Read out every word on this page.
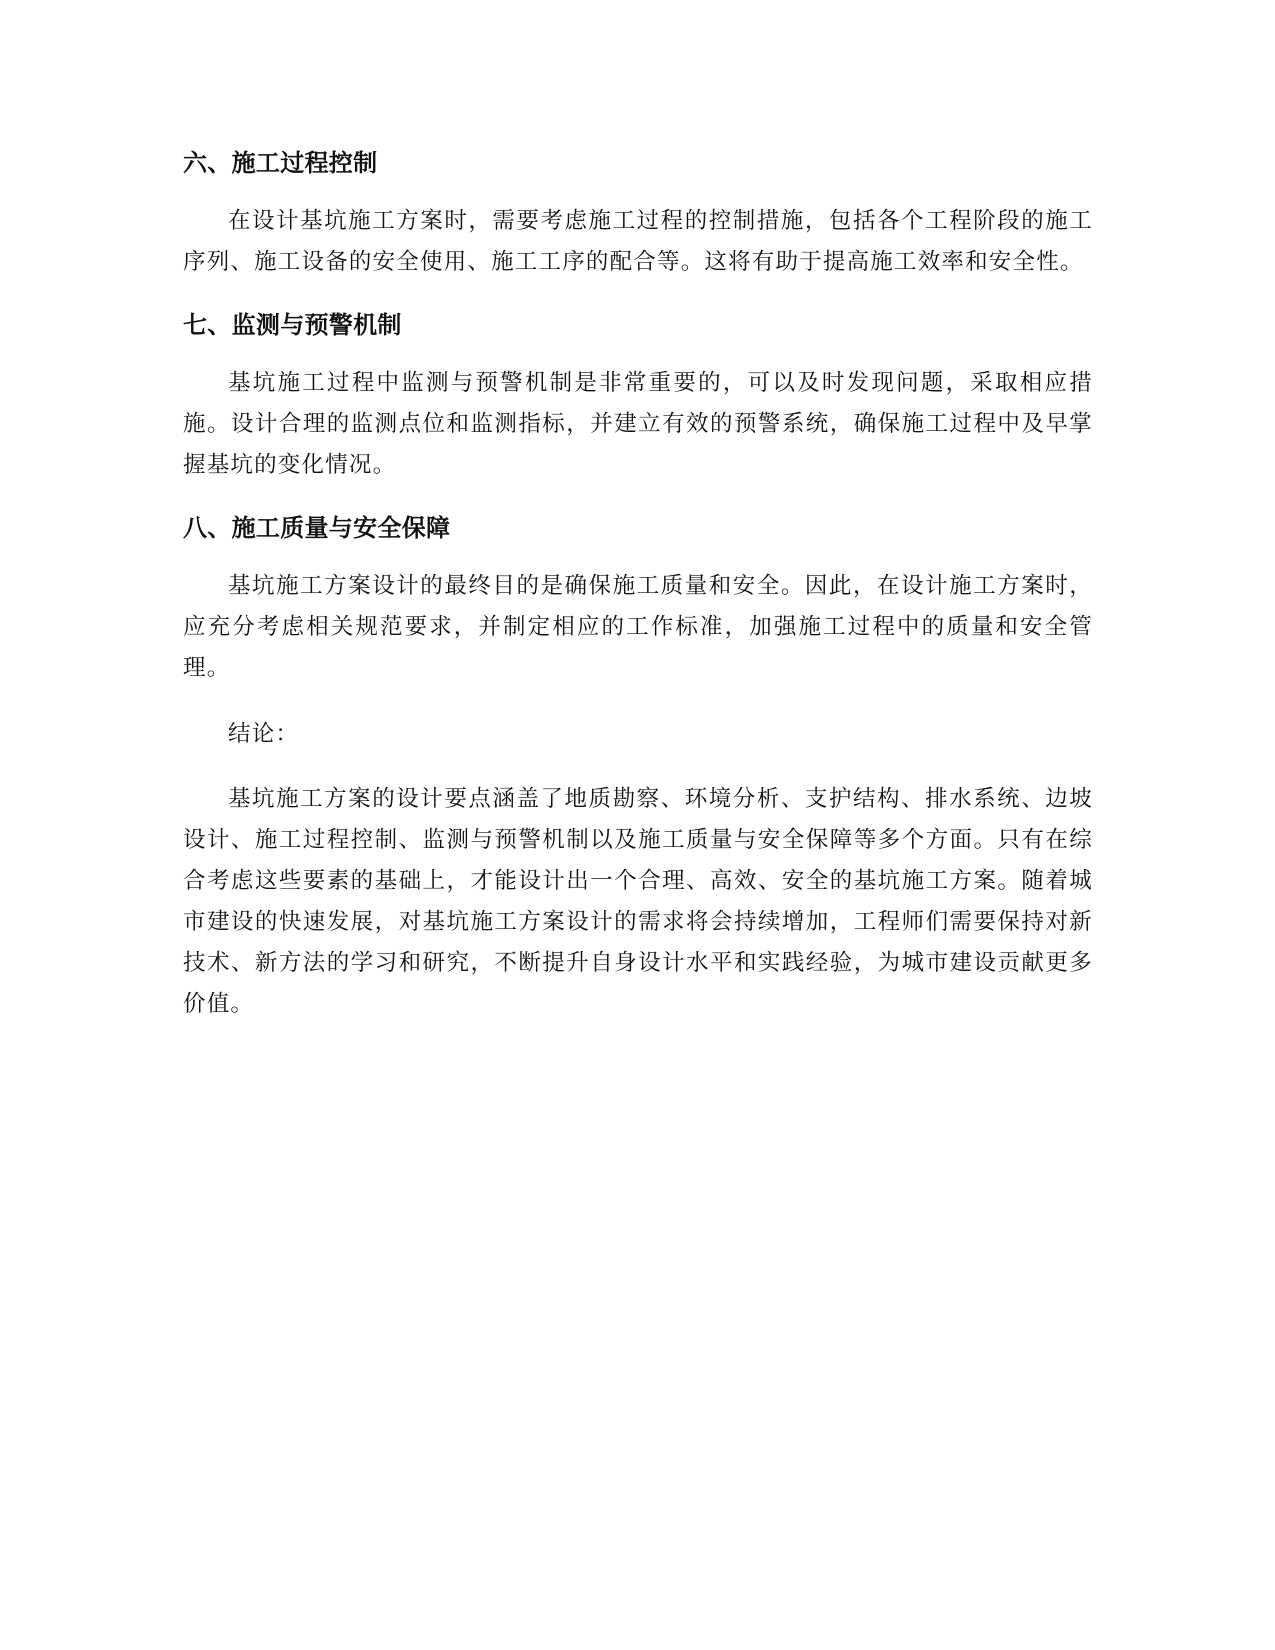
六、施工过程控制

在设计基坑施工方案时，需要考虑施工过程的控制措施，包括各个工程阶段的施工序列、施工设备的安全使用、施工工序的配合等。这将有助于提高施工效率和安全性。

七、监测与预警机制

基坑施工过程中监测与预警机制是非常重要的，可以及时发现问题，采取相应措施。设计合理的监测点位和监测指标，并建立有效的预警系统，确保施工过程中及早掌握基坑的变化情况。

八、施工质量与安全保障

基坑施工方案设计的最终目的是确保施工质量和安全。因此，在设计施工方案时，应充分考虑相关规范要求，并制定相应的工作标准，加强施工过程中的质量和安全管理。

结论：

基坑施工方案的设计要点涵盖了地质勘察、环境分析、支护结构、排水系统、边坡设计、施工过程控制、监测与预警机制以及施工质量与安全保障等多个方面。只有在综合考虑这些要素的基础上，才能设计出一个合理、高效、安全的基坑施工方案。随着城市建设的快速发展，对基坑施工方案设计的需求将会持续增加，工程师们需要保持对新技术、新方法的学习和研究，不断提升自身设计水平和实践经验，为城市建设贡献更多价值。
